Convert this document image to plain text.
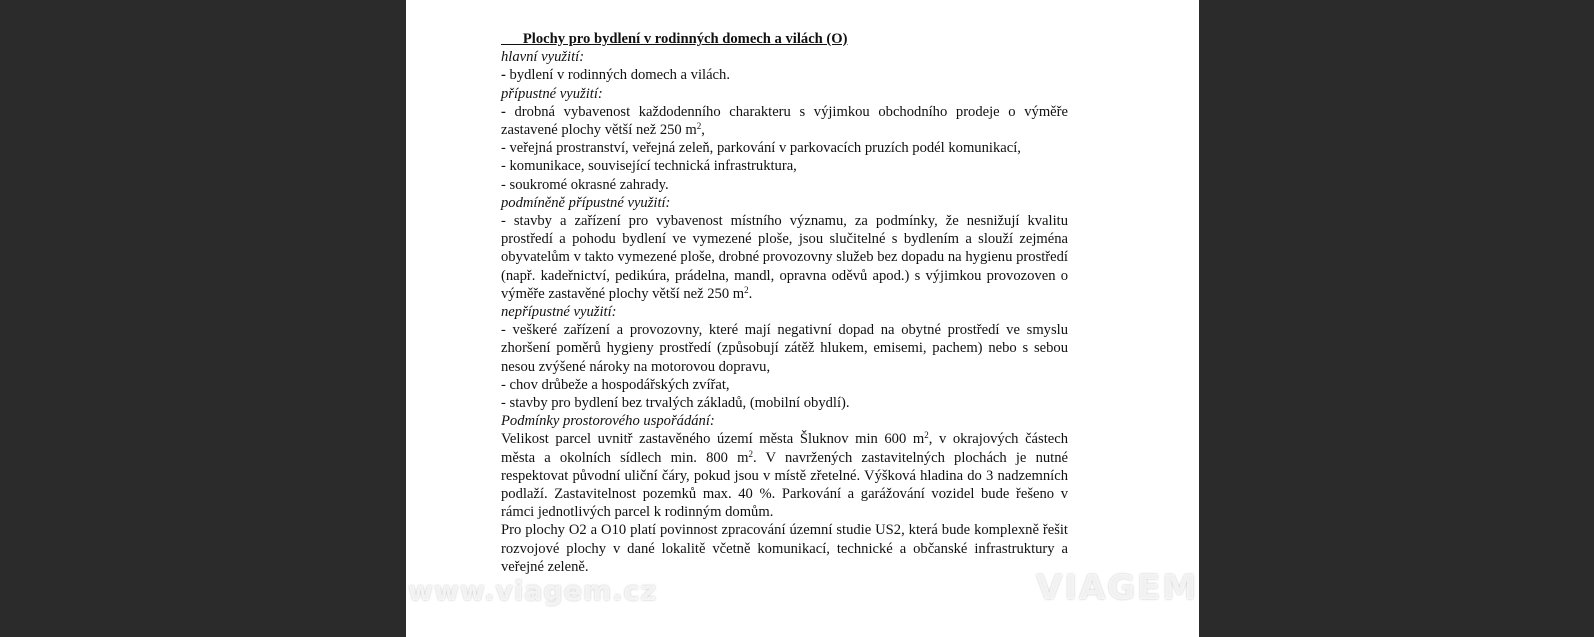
Plochy pro bydlení v rodinných domech a vilách (O)

hlavní využití:

- bydlení v rodinných domech a vilách.

přípustné využití:

- drobná vybavenost každodenního charakteru s výjimkou obchodního prodeje o výměře zastavené plochy větší než 250 $m^2$,

- veřejná prostranství, veřejná zeleň, parkování v parkovacích pruzích podél komunikací,

- komunikace, související technická infrastruktura,

- soukromé okrasné zahrady.

podmíněně přípustné využití:

- stavby a zařízení pro vybavenost místního významu, za podmínky, že nesnižují kvalitu prostředí a pohodu bydlení ve vymezené ploše, jsou slučitelné s bydlením a slouží zejména obyvatelům v takto vymezené ploše, drobné provozovny služeb bez dopadu na hygienu prostředí (např. kadeřnictví, pedikúra, prádelna, mandl, opravna oděvů apod.) s výjimkou provozoven o výměře zastavěné plochy větší než 250 $m^2$.

nepřípustné využití:

- veškeré zařízení a provozovny, které mají negativní dopad na obytné prostředí ve smyslu zhoršení poměrů hygieny prostředí (způsobují zátěž hlukem, emisemi, pachem) nebo s sebou nesou zvýšené nároky na motorovou dopravu,

- chov drůbeže a hospodářských zvířat,

- stavby pro bydlení bez trvalých základů, (mobilní obydlí).

Podmínky prostorového uspořádání:

Velikost parcel uvnitř zastavěného území města Šluknov min 600 $m^2$, v okrajových částech města a okolních sídlech min. 800 $m^2$. V navržených zastavitelných plochách je nutné respektovat původní uliční čáry, pokud jsou v místě zřetelné. Výšková hladina do 3 nadzemních podlaží. Zastavitelnost pozemků max. 40 %. Parkování a garážování vozidel bude řešeno v rámci jednotlivých parcel k rodinným domům.

Pro plochy O2 a O10 platí povinnost zpracování územní studie US2, která bude komplexně řešit rozvojové plochy v dané lokalitě včetně komunikací, technické a občanské infrastruktury a veřejné zeleně.

www.viagem.cz	VIAGEM
